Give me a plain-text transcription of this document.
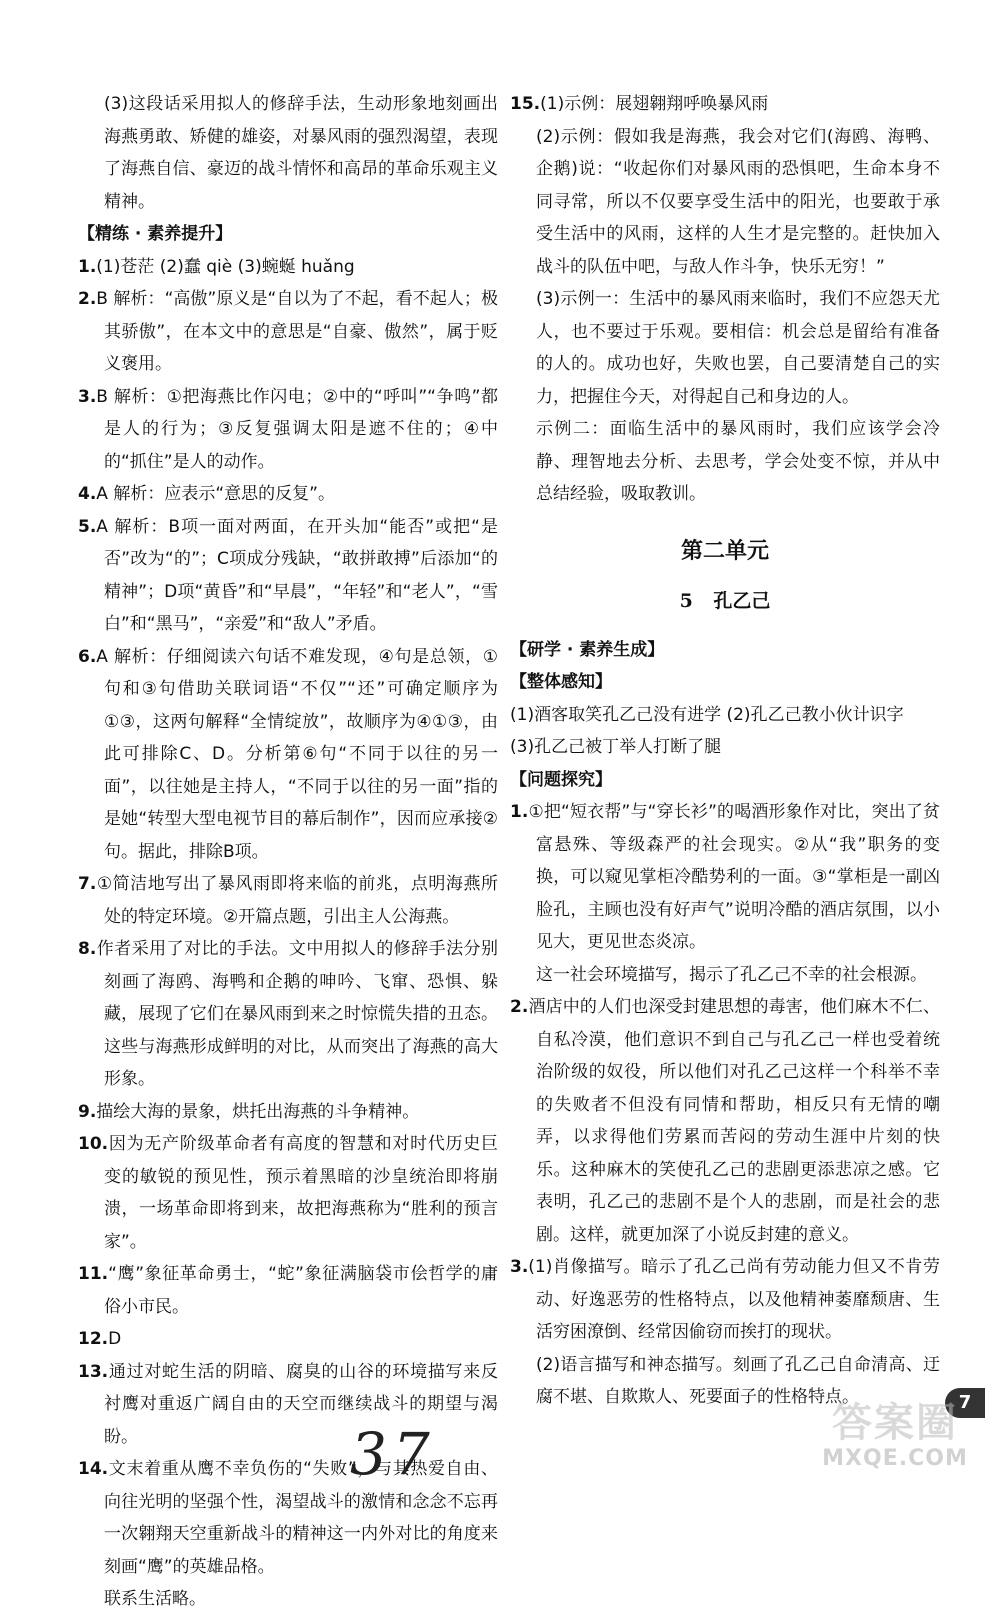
(3)这段话采用拟人的修辞手法，生动形象地刻画出海燕勇敢、矫健的雄姿，对暴风雨的强烈渴望，表现了海燕自信、豪迈的战斗情怀和高昂的革命乐观主义精神。

【精练 · 素养提升】

1.(1)苍茫 (2)蠢 qiè (3)蜿蜒 huǎng

2.B 解析：“高傲”原义是“自以为了不起，看不起人；极其骄傲”，在本文中的意思是“自豪、傲然”，属于贬义褒用。

3.B 解析：①把海燕比作闪电；②中的“呼叫”“争鸣”都是人的行为；③反复强调太阳是遮不住的；④中的“抓住”是人的动作。

4.A 解析：应表示“意思的反复”。

5.A 解析：B项一面对两面，在开头加“能否”或把“是否”改为“的”；C项成分残缺，“敢拼敢搏”后添加“的精神”；D项“黄昏”和“早晨”，“年轻”和“老人”，“雪白”和“黑马”，“亲爱”和“敌人”矛盾。

6.A 解析：仔细阅读六句话不难发现，④句是总领，①句和③句借助关联词语“不仅”“还”可确定顺序为①③，这两句解释“全情绽放”，故顺序为④①③，由此可排除C、D。分析第⑥句“不同于以往的另一面”，以往她是主持人，“不同于以往的另一面”指的是她“转型大型电视节目的幕后制作”，因而应承接②句。据此，排除B项。

7.①简洁地写出了暴风雨即将来临的前兆，点明海燕所处的特定环境。②开篇点题，引出主人公海燕。

8.作者采用了对比的手法。文中用拟人的修辞手法分别刻画了海鸥、海鸭和企鹅的呻吟、飞窜、恐惧、躲藏，展现了它们在暴风雨到来之时惊慌失措的丑态。这些与海燕形成鲜明的对比，从而突出了海燕的高大形象。

9.描绘大海的景象，烘托出海燕的斗争精神。

10.因为无产阶级革命者有高度的智慧和对时代历史巨变的敏锐的预见性，预示着黑暗的沙皇统治即将崩溃，一场革命即将到来，故把海燕称为“胜利的预言家”。

11.“鹰”象征革命勇士，“蛇”象征满脑袋市侩哲学的庸俗小市民。

12.D

13.通过对蛇生活的阴暗、腐臭的山谷的环境描写来反衬鹰对重返广阔自由的天空而继续战斗的期望与渴盼。

14.文末着重从鹰不幸负伤的“失败”，与其热爱自由、向往光明的坚强个性，渴望战斗的激情和念念不忘再一次翱翔天空重新战斗的精神这一内外对比的角度来刻画“鹰”的英雄品格。

联系生活略。

15.(1)示例：展翅翱翔呼唤暴风雨

(2)示例：假如我是海燕，我会对它们(海鸥、海鸭、企鹅)说：“收起你们对暴风雨的恐惧吧，生命本身不同寻常，所以不仅要享受生活中的阳光，也要敢于承受生活中的风雨，这样的人生才是完整的。赶快加入战斗的队伍中吧，与敌人作斗争，快乐无穷！”

(3)示例一：生活中的暴风雨来临时，我们不应怨天尤人，也不要过于乐观。要相信：机会总是留给有准备的人的。成功也好，失败也罢，自己要清楚自己的实力，把握住今天，对得起自己和身边的人。

示例二：面临生活中的暴风雨时，我们应该学会冷静、理智地去分析、去思考，学会处变不惊，并从中总结经验，吸取教训。

第二单元
5 孔乙己

【研学 · 素养生成】

【整体感知】

(1)酒客取笑孔乙己没有进学 (2)孔乙己教小伙计识字

(3)孔乙己被丁举人打断了腿

【问题探究】

1.①把“短衣帮”与“穿长衫”的喝酒形象作对比，突出了贫富悬殊、等级森严的社会现实。②从“我”职务的变换，可以窥见掌柜冷酷势利的一面。③“掌柜是一副凶脸孔，主顾也没有好声气”说明冷酷的酒店氛围，以小见大，更见世态炎凉。

这一社会环境描写，揭示了孔乙己不幸的社会根源。

2.酒店中的人们也深受封建思想的毒害，他们麻木不仁、自私冷漠，他们意识不到自己与孔乙己一样也受着统治阶级的奴役，所以他们对孔乙己这样一个科举不幸的失败者不但没有同情和帮助，相反只有无情的嘲弄，以求得他们劳累而苦闷的劳动生涯中片刻的快乐。这种麻木的笑使孔乙己的悲剧更添悲凉之感。它表明，孔乙己的悲剧不是个人的悲剧，而是社会的悲剧。这样，就更加深了小说反封建的意义。

3.(1)肖像描写。暗示了孔乙己尚有劳动能力但又不肯劳动、好逸恶劳的性格特点，以及他精神萎靡颓唐、生活穷困潦倒、经常因偷窃而挨打的现状。

(2)语言描写和神态描写。刻画了孔乙己自命清高、迂腐不堪、自欺欺人、死要面子的性格特点。

37
7
答案圈
MXQE.COM
